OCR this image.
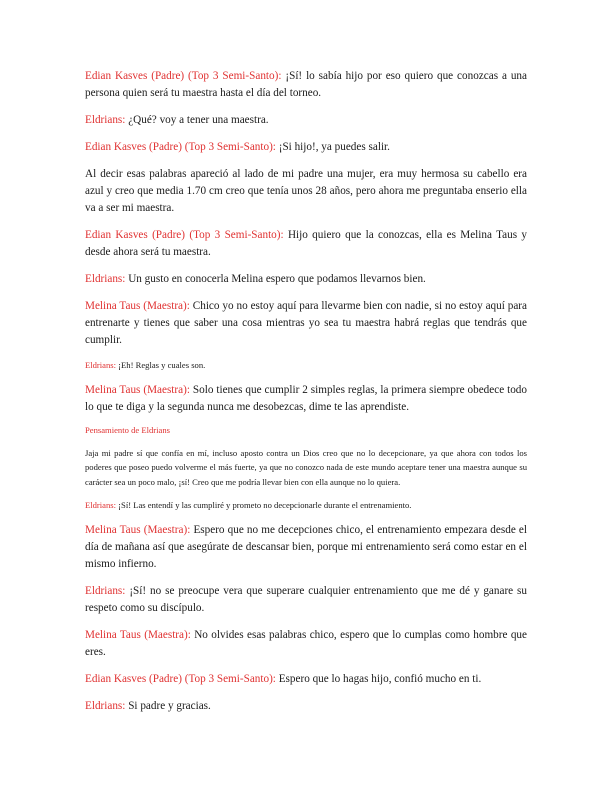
Edian Kasves (Padre) (Top 3 Semi-Santo): ¡Sí! lo sabía hijo por eso quiero que conozcas a una persona quien será tu maestra hasta el día del torneo.

Eldrians: ¿Qué? voy a tener una maestra.

Edian Kasves (Padre) (Top 3 Semi-Santo): ¡Si hijo!, ya puedes salir.

Al decir esas palabras apareció al lado de mi padre una mujer, era muy hermosa su cabello era azul y creo que media 1.70 cm creo que tenía unos 28 años, pero ahora me preguntaba enserio ella va a ser mi maestra.

Edian Kasves (Padre) (Top 3 Semi-Santo): Hijo quiero que la conozcas, ella es Melina Taus y desde ahora será tu maestra.

Eldrians: Un gusto en conocerla Melina espero que podamos llevarnos bien.

Melina Taus (Maestra): Chico yo no estoy aquí para llevarme bien con nadie, si no estoy aquí para entrenarte y tienes que saber una cosa mientras yo sea tu maestra habrá reglas que tendrás que cumplir.

Eldrians: ¡Eh! Reglas y cuales son.

Melina Taus (Maestra): Solo tienes que cumplir 2 simples reglas, la primera siempre obedece todo lo que te diga y la segunda nunca me desobezcas, dime te las aprendiste.

Pensamiento de Eldrians

Jaja mi padre sí que confía en mí, incluso aposto contra un Dios creo que no lo decepcionare, ya que ahora con todos los poderes que poseo puedo volverme el más fuerte, ya que no conozco nada de este mundo aceptare tener una maestra aunque su carácter sea un poco malo, ¡sí! Creo que me podría llevar bien con ella aunque no lo quiera.

Eldrians: ¡Sí! Las entendí y las cumpliré y prometo no decepcionarle durante el entrenamiento.

Melina Taus (Maestra): Espero que no me decepciones chico, el entrenamiento empezara desde el día de mañana así que asegúrate de descansar bien, porque mi entrenamiento será como estar en el mismo infierno.

Eldrians: ¡Sí! no se preocupe vera que superare cualquier entrenamiento que me dé y ganare su respeto como su discípulo.

Melina Taus (Maestra): No olvides esas palabras chico, espero que lo cumplas como hombre que eres.

Edian Kasves (Padre) (Top 3 Semi-Santo): Espero que lo hagas hijo, confió mucho en ti.

Eldrians: Si padre y gracias.
